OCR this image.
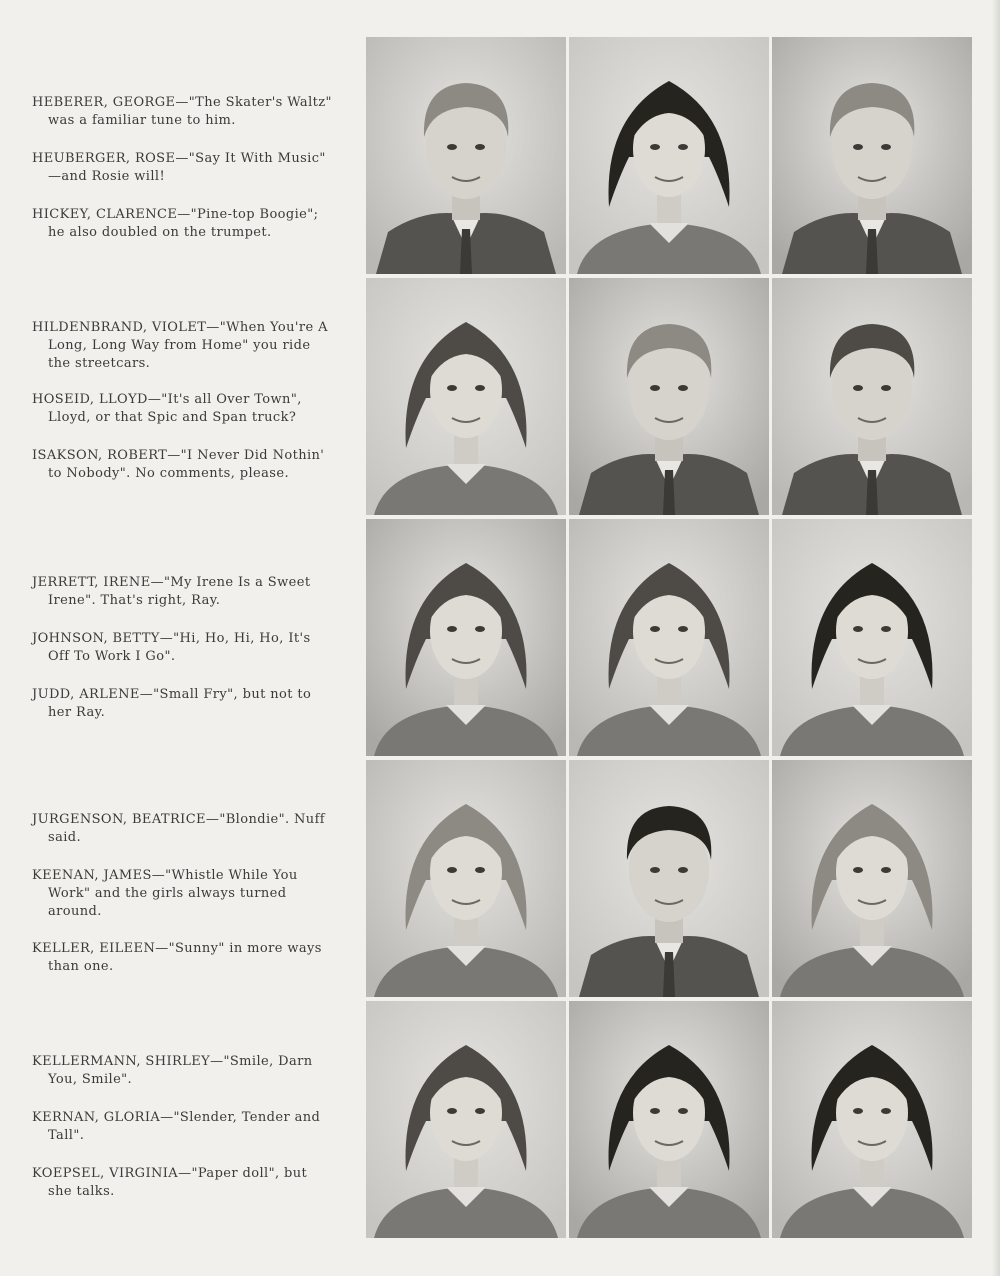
HEBERER, GEORGE—"The Skater's Waltz"
was a familiar tune to him.
HEUBERGER, ROSE—"Say It With Music"
—and Rosie will!
HICKEY, CLARENCE—"Pine-top Boogie";
he also doubled on the trumpet.
HILDENBRAND, VIOLET—"When You're A
Long, Long Way from Home" you ride
the streetcars.
HOSEID, LLOYD—"It's all Over Town",
Lloyd, or that Spic and Span truck?
ISAKSON, ROBERT—"I Never Did Nothin'
to Nobody". No comments, please.
JERRETT, IRENE—"My Irene Is a Sweet
Irene". That's right, Ray.
JOHNSON, BETTY—"Hi, Ho, Hi, Ho, It's
Off To Work I Go".
JUDD, ARLENE—"Small Fry", but not to
her Ray.
JURGENSON, BEATRICE—"Blondie". Nuff
said.
KEENAN, JAMES—"Whistle While You
Work" and the girls always turned
around.
KELLER, EILEEN—"Sunny" in more ways
than one.
KELLERMANN, SHIRLEY—"Smile, Darn
You, Smile".
KERNAN, GLORIA—"Slender, Tender and
Tall".
KOEPSEL, VIRGINIA—"Paper doll", but
she talks.
